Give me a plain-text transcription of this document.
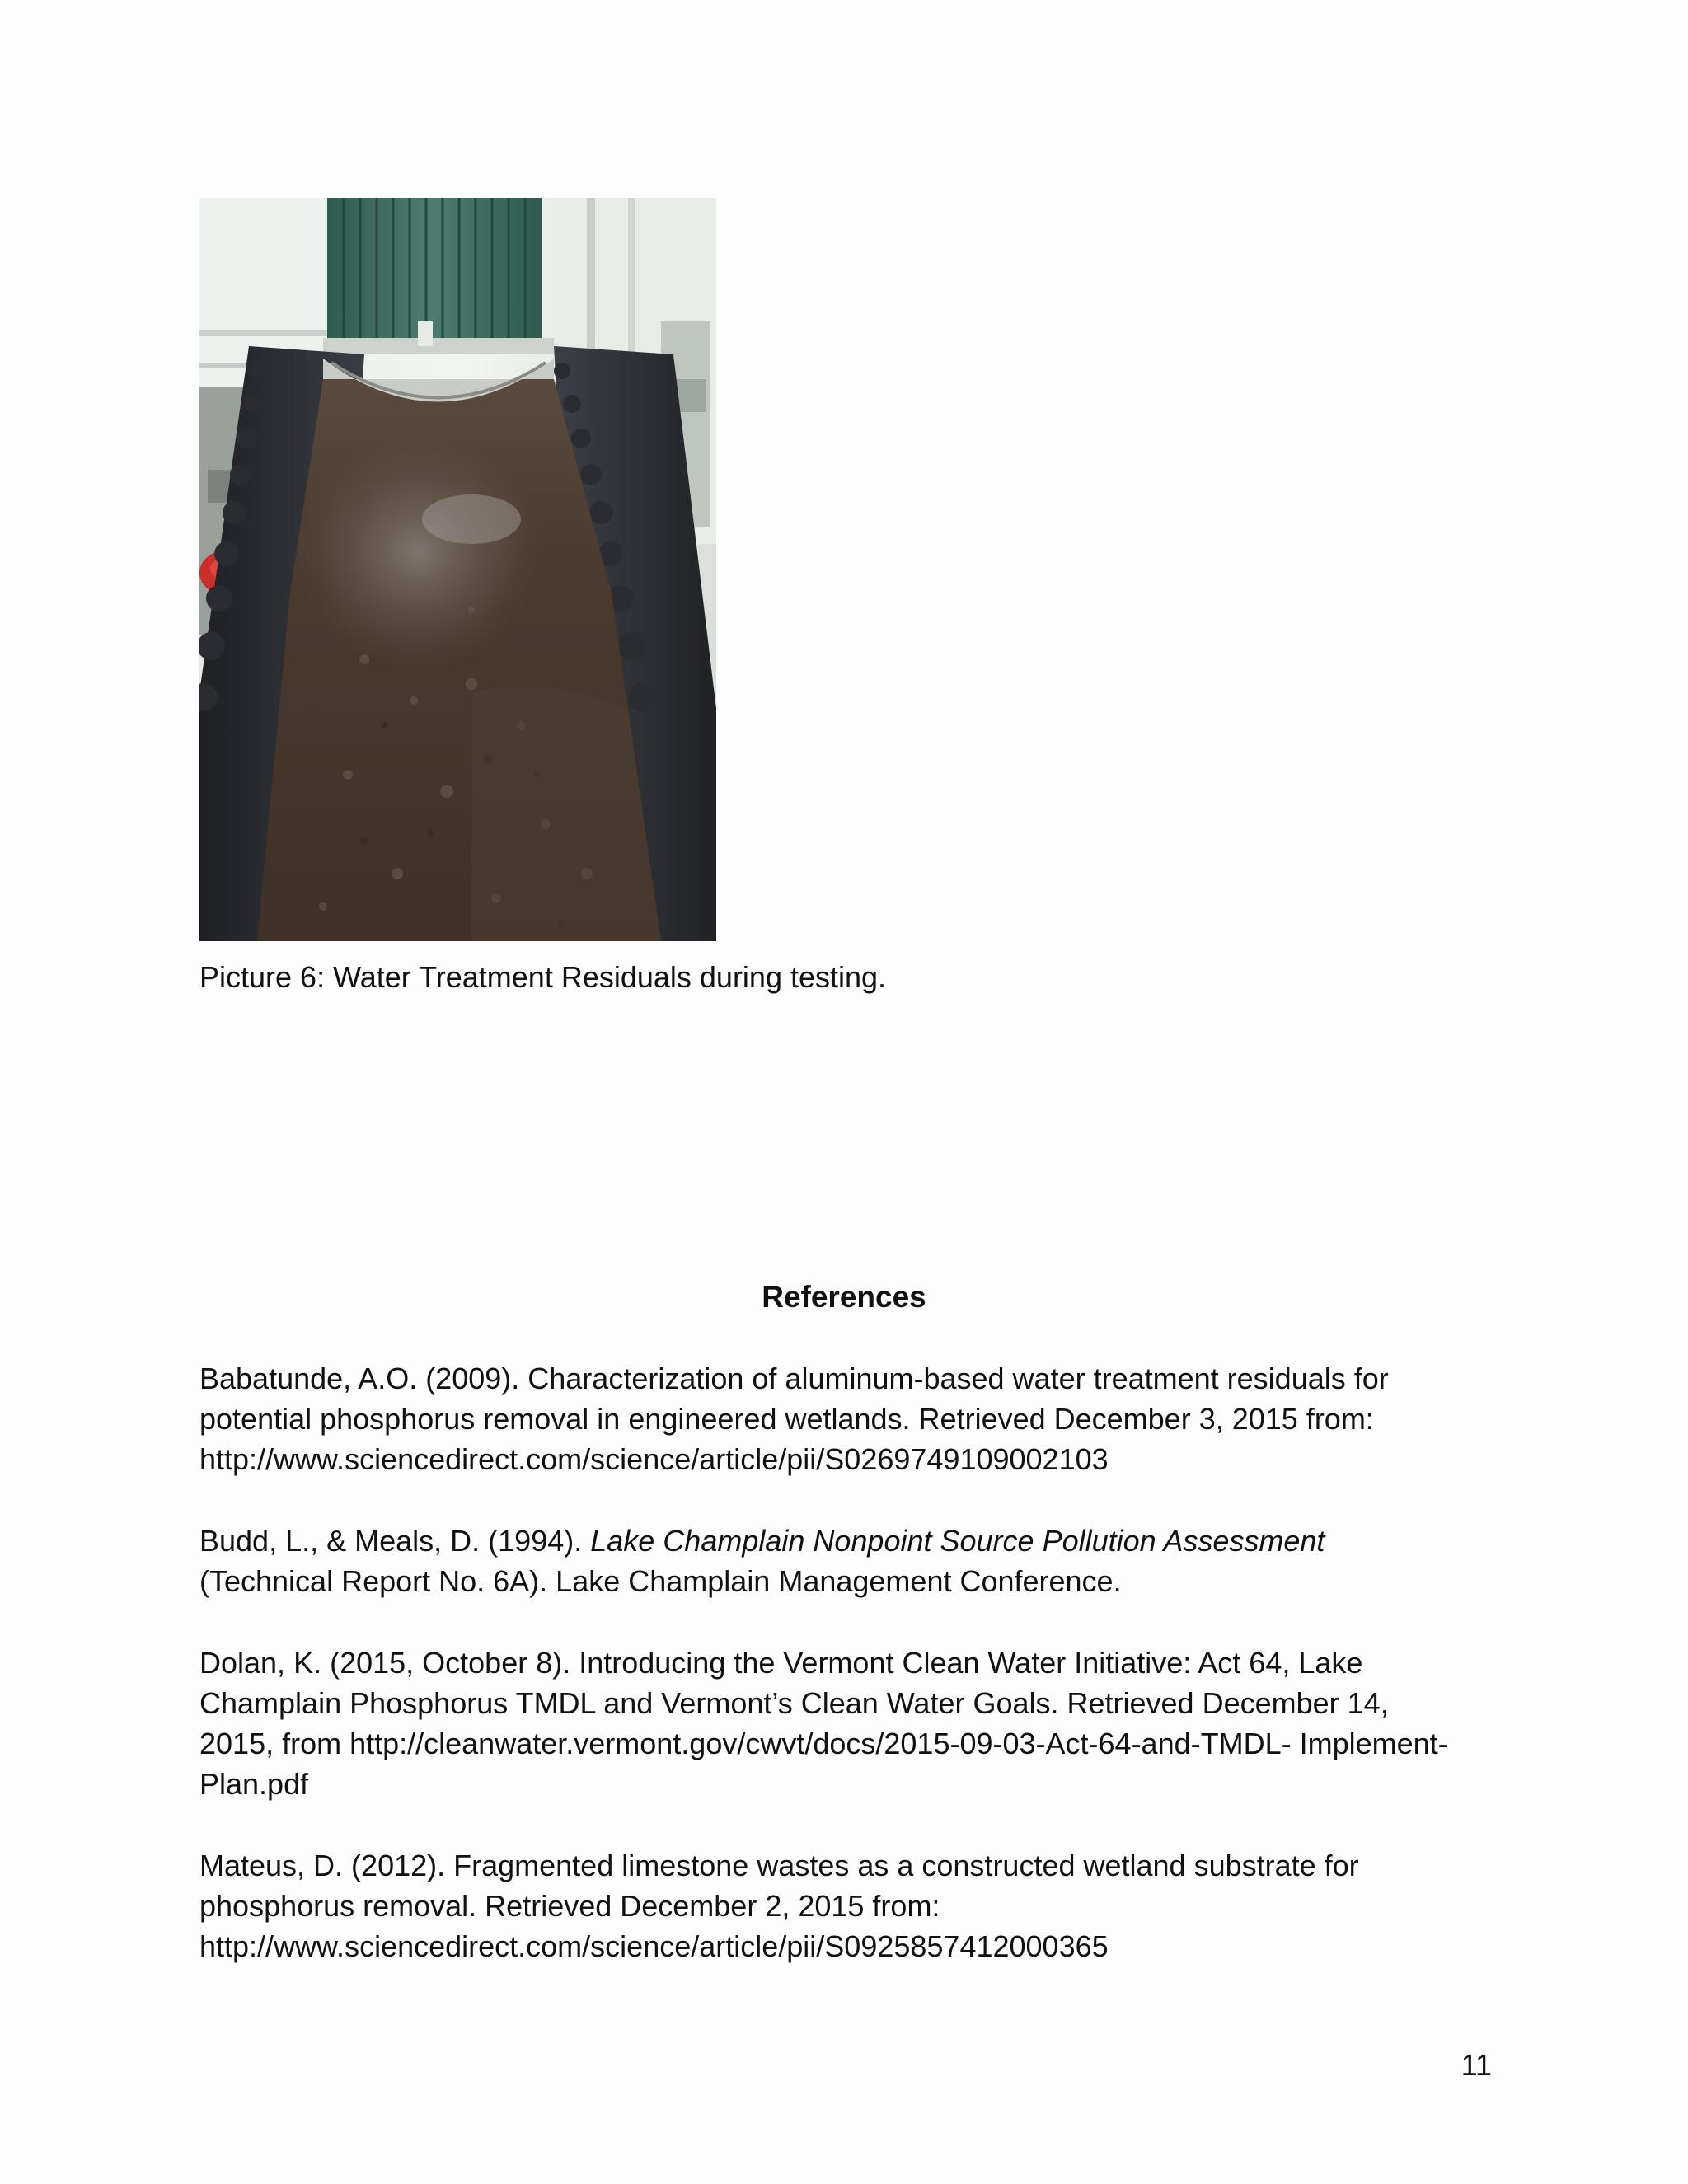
Picture 6: Water Treatment Residuals during testing.
References

Babatunde, A.O. (2009). Characterization of aluminum-based water treatment residuals for
potential phosphorus removal in engineered wetlands. Retrieved December 3, 2015 from:
http://www.sciencedirect.com/science/article/pii/S0269749109002103

Budd, L., & Meals, D. (1994). Lake Champlain Nonpoint Source Pollution Assessment
(Technical Report No. 6A). Lake Champlain Management Conference.

Dolan, K. (2015, October 8). Introducing the Vermont Clean Water Initiative: Act 64, Lake
Champlain Phosphorus TMDL and Vermont’s Clean Water Goals. Retrieved December 14,
2015, from http://cleanwater.vermont.gov/cwvt/docs/2015-09-03-Act-64-and-TMDL- Implement-
Plan.pdf

Mateus, D. (2012). Fragmented limestone wastes as a constructed wetland substrate for
phosphorus removal. Retrieved December 2, 2015 from:
http://www.sciencedirect.com/science/article/pii/S0925857412000365

11
